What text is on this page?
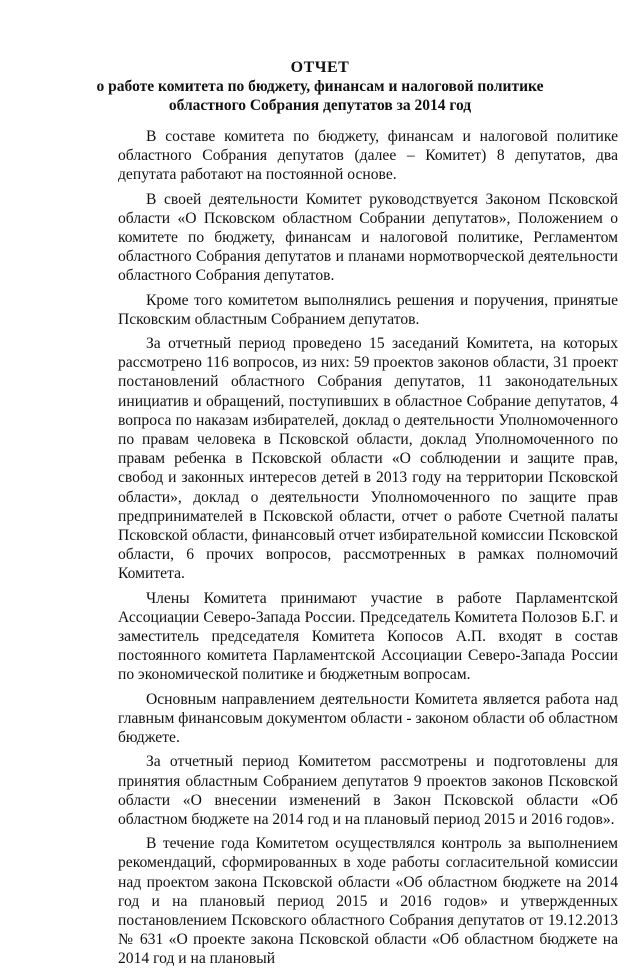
ОТЧЕТ
о работе комитета по бюджету, финансам и налоговой политике
областного Собрания депутатов за 2014 год

В составе комитета по бюджету, финансам и налоговой политике областного Собрания депутатов (далее – Комитет) 8 депутатов, два депутата работают на постоянной основе.

В своей деятельности Комитет руководствуется Законом Псковской области «О Псковском областном Собрании депутатов», Положением о комитете по бюджету, финансам и налоговой политике, Регламентом областного Собрания депутатов и планами нормотворческой деятельности областного Собрания депутатов.

Кроме того комитетом выполнялись решения и поручения, принятые Псковским областным Собранием депутатов.

За отчетный период проведено 15 заседаний Комитета, на которых рассмотрено 116 вопросов, из них: 59 проектов законов области, 31 проект постановлений областного Собрания депутатов, 11 законодательных инициатив и обращений, поступивших в областное Собрание депутатов, 4 вопроса по наказам избирателей, доклад о деятельности Уполномоченного по правам человека в Псковской области, доклад Уполномоченного по правам ребенка в Псковской области «О соблюдении и защите прав, свобод и законных интересов детей в 2013 году на территории Псковской области», доклад о деятельности Уполномоченного по защите прав предпринимателей в Псковской области, отчет о работе Счетной палаты Псковской области, финансовый отчет избирательной комиссии Псковской области, 6 прочих вопросов, рассмотренных в рамках полномочий Комитета.

Члены Комитета принимают участие в работе Парламентской Ассоциации Северо-Запада России. Председатель Комитета Полозов Б.Г. и заместитель председателя Комитета Копосов А.П. входят в состав постоянного комитета Парламентской Ассоциации Северо-Запада России по экономической политике и бюджетным вопросам.

Основным направлением деятельности Комитета является работа над главным финансовым документом области - законом области об областном бюджете.

За отчетный период Комитетом рассмотрены и подготовлены для принятия областным Собранием депутатов 9 проектов законов Псковской области «О внесении изменений в Закон Псковской области «Об областном бюджете на 2014 год и на плановый период 2015 и 2016 годов».

В течение года Комитетом осуществлялся контроль за выполнением рекомендаций, сформированных в ходе работы согласительной комиссии над проектом закона Псковской области «Об областном бюджете на 2014 год и на плановый период 2015 и 2016 годов» и утвержденных постановлением Псковского областного Собрания депутатов от 19.12.2013 № 631 «О проекте закона Псковской области «Об областном бюджете на 2014 год и на плановый
